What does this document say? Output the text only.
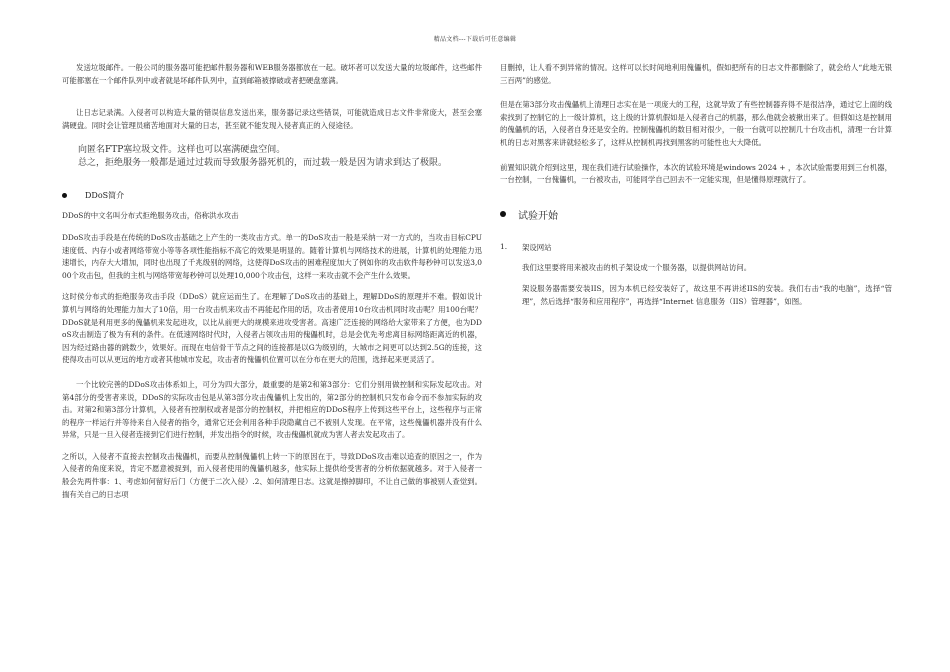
精品文档---下载后可任意编辑

发送垃圾邮件。一般公司的服务器可能把邮件服务器和WEB服务器都放在一起。破坏者可以发送大量的垃圾邮件，这些邮件可能都塞在一个邮件队列中或者就是坏邮件队列中，直到邮箱被撑破或者把硬盘塞满。

让日志记录满。入侵者可以构造大量的错误信息发送出来，服务器记录这些错误，可能就造成日志文件非常庞大，甚至会塞满硬盘。同时会让管理员痛苦地面对大量的日志，甚至就不能发现入侵者真正的入侵途径。

向匿名FTP塞垃圾文件。这样也可以塞满硬盘空间。
总之，拒绝服务一般都是通过过载而导致服务器死机的，而过载一般是因为请求到达了极限。
DDoS简介

DDoS的中文名叫分布式拒绝服务攻击，俗称洪水攻击

DDoS攻击手段是在传统的DoS攻击基础之上产生的一类攻击方式。单一的DoS攻击一般是采纳一对一方式的，当攻击目标CPU速度低、内存小或者网络带宽小等等各项性能指标不高它的效果是明显的。随着计算机与网络技术的进展，计算机的处理能力迅速增长，内存大大增加，同时也出现了千兆级别的网络，这使得DoS攻击的困难程度加大了例如你的攻击软件每秒钟可以发送3,000个攻击包，但我的主机与网络带宽每秒钟可以处理10,000个攻击包，这样一来攻击就不会产生什么效果。

这时侯分布式的拒绝服务攻击手段（DDoS）就应运而生了。在理解了DoS攻击的基础上，理解DDoS的原理并不难。假如说计算机与网络的处理能力加大了10倍，用一台攻击机来攻击不再能起作用的话，攻击者使用10台攻击机同时攻击呢？用100台呢？DDoS就是利用更多的傀儡机来发起进攻，以比从前更大的规模来进攻受害者。高速广泛连接的网络给大家带来了方便，也为DDoS攻击制造了极为有利的条件。在低速网络时代时，入侵者占领攻击用的傀儡机时，总是会优先考虑离目标网络距离近的机器，因为经过路由器的跳数少，效果好。而现在电信骨干节点之间的连接都是以G为级别的，大城市之间更可以达到2.5G的连接，这使得攻击可以从更远的地方或者其他城市发起，攻击者的傀儡机位置可以在分布在更大的范围，选择起来更灵活了。

一个比较完善的DDoS攻击体系如上，可分为四大部分，最重要的是第2和第3部分：它们分别用做控制和实际发起攻击。对第4部分的受害者来说，DDoS的实际攻击包是从第3部分攻击傀儡机上发出的，第2部分的控制机只发布命令而不参加实际的攻击。对第2和第3部分计算机，入侵者有控制权或者是部分的控制权，并把相应的DDoS程序上传到这些平台上，这些程序与正常的程序一样运行并等待来自入侵者的指令，通常它还会利用各种手段隐藏自己不被别人发现。在平常，这些傀儡机器并没有什么异常，只是一旦入侵者连接到它们进行控制，并发出指令的时候，攻击傀儡机就成为害人者去发起攻击了。

之所以，入侵者不直接去控制攻击傀儡机，而要从控制傀儡机上转一下的原因在于，导致DDoS攻击难以追查的原因之一，作为入侵者的角度来说，肯定不愿意被捉到，而入侵者使用的傀儡机越多，他实际上提供给受害者的分析依据就越多。对于入侵者一般会先两件事：1、考虑如何留好后门（方便于二次入侵）.2、如何清理日志。这就是擦掉脚印，不让自己做的事被别人查觉到。揣有关自己的日志项

目删掉，让人看不到异常的情况。这样可以长时间地利用傀儡机，假如把所有的日志文件都删除了，就会给人“此地无银三百两”的感觉。

但是在第3部分攻击傀儡机上清理日志实在是一项庞大的工程，这就导致了有些控制器弃得不是很洁净，通过它上面的线索找到了控制它的上一级计算机，这上级的计算机假如是入侵者自己的机器，那么他就会被揪出来了。但假如这是控制用的傀儡机的话，入侵者自身还是安全的。控制傀儡机的数目相对很少，一般一台就可以控制几十台攻击机，清理一台计算机的日志对黑客来讲就轻松多了，这样从控制机再找到黑客的可能性也大大降低。

前置知识就介绍到这里，现在我们进行试验操作，本次的试验环境是windows 2024 + ，本次试验需要用到三台机器，一台控制，一台傀儡机，一台被攻击，可能同学自己回去不一定能实现，但是懂得原理就行了。

试验开始
1.	架设网站

我们这里要将用来被攻击的机子架设成一个服务器，以提供网站访问。

架设服务器需要安装IIS，因为本机已经安装好了，故这里不再讲述IIS的安装。我们右击“我的电脑”，选择“管理”，然后选择“服务和应用程序”，再选择“Internet 信息服务（IIS）管理器”，如图。
